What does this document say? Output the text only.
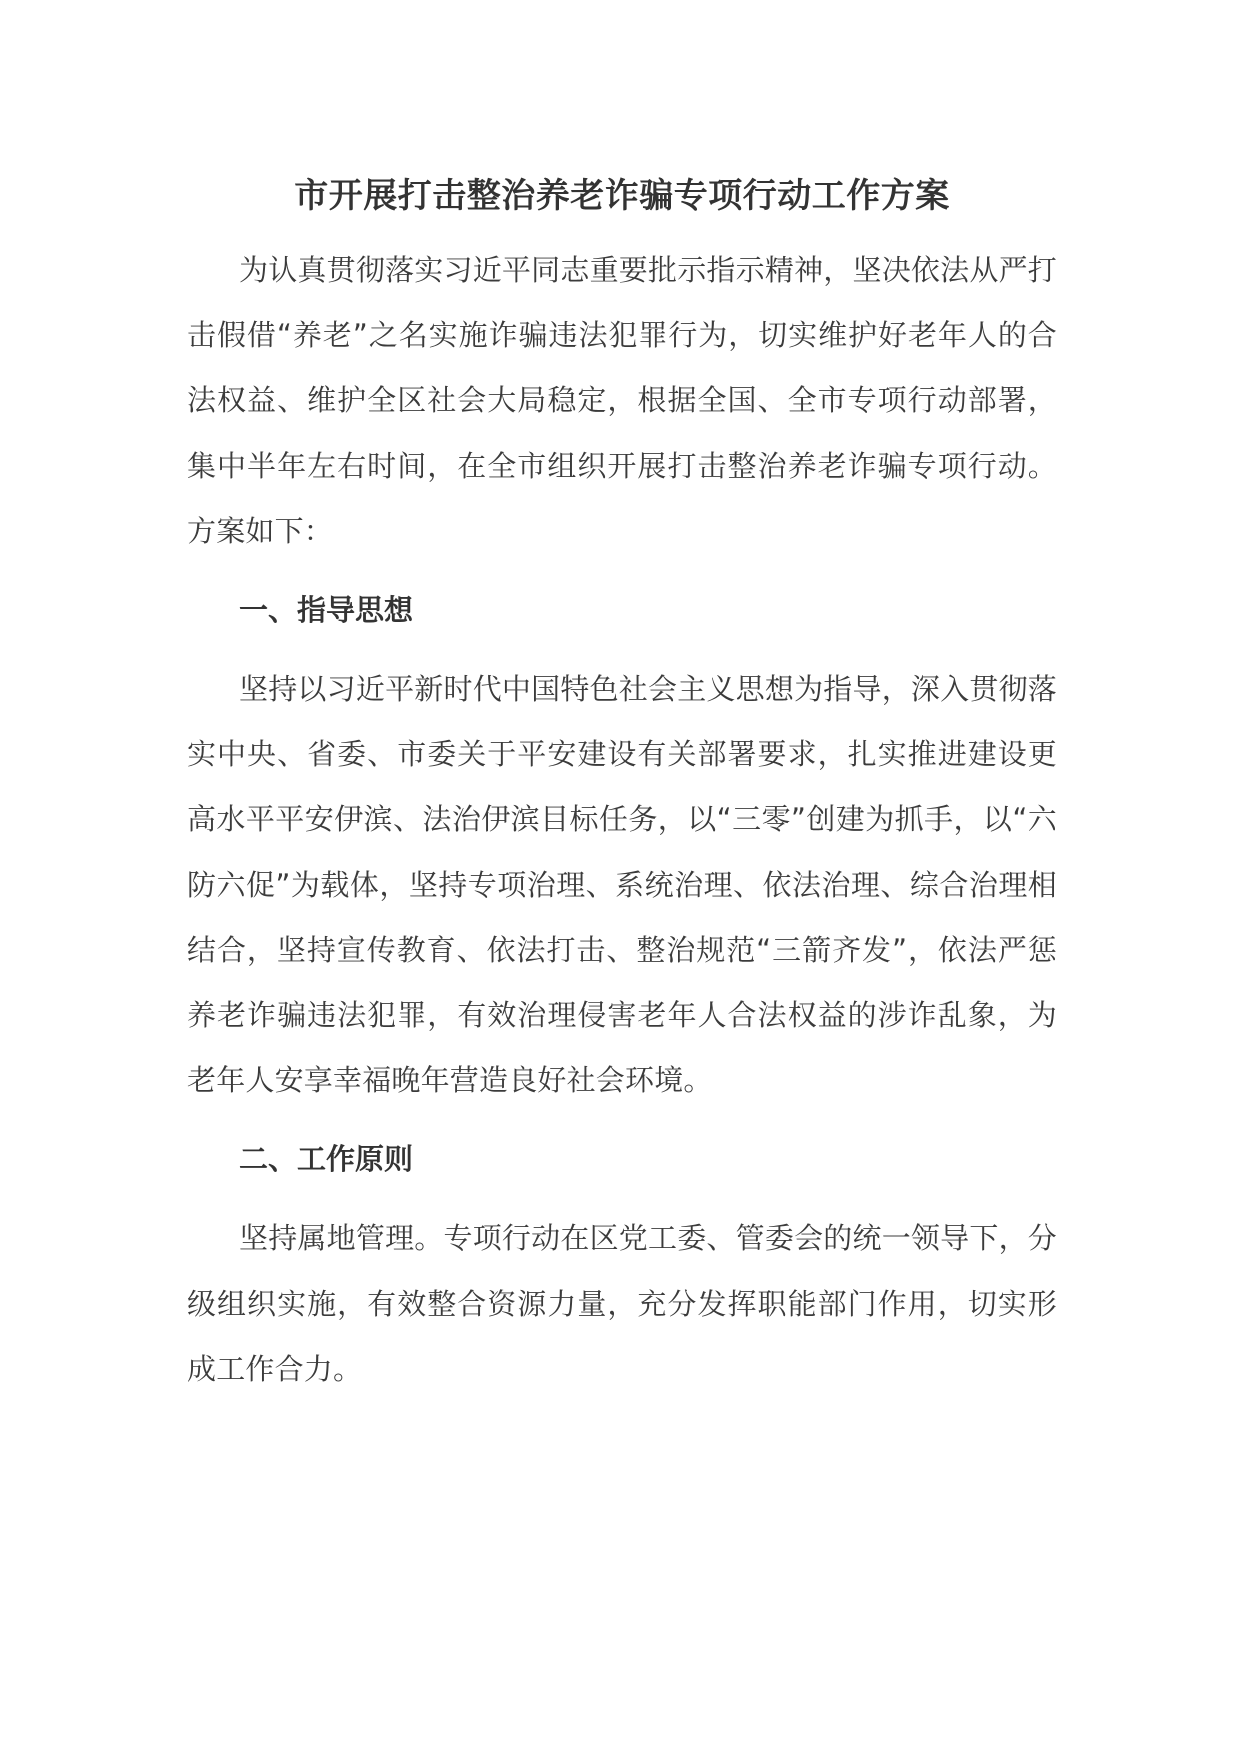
市开展打击整治养老诈骗专项行动工作方案

为认真贯彻落实习近平同志重要批示指示精神，坚决依法从严打击假借“养老”之名实施诈骗违法犯罪行为，切实维护好老年人的合法权益、维护全区社会大局稳定，根据全国、全市专项行动部署，集中半年左右时间，在全市组织开展打击整治养老诈骗专项行动。方案如下：

一、指导思想

坚持以习近平新时代中国特色社会主义思想为指导，深入贯彻落实中央、省委、市委关于平安建设有关部署要求，扎实推进建设更高水平平安伊滨、法治伊滨目标任务，以“三零”创建为抓手，以“六防六促”为载体，坚持专项治理、系统治理、依法治理、综合治理相结合，坚持宣传教育、依法打击、整治规范“三箭齐发”，依法严惩养老诈骗违法犯罪，有效治理侵害老年人合法权益的涉诈乱象，为老年人安享幸福晚年营造良好社会环境。

二、工作原则

坚持属地管理。专项行动在区党工委、管委会的统一领导下，分级组织实施，有效整合资源力量，充分发挥职能部门作用，切实形成工作合力。
